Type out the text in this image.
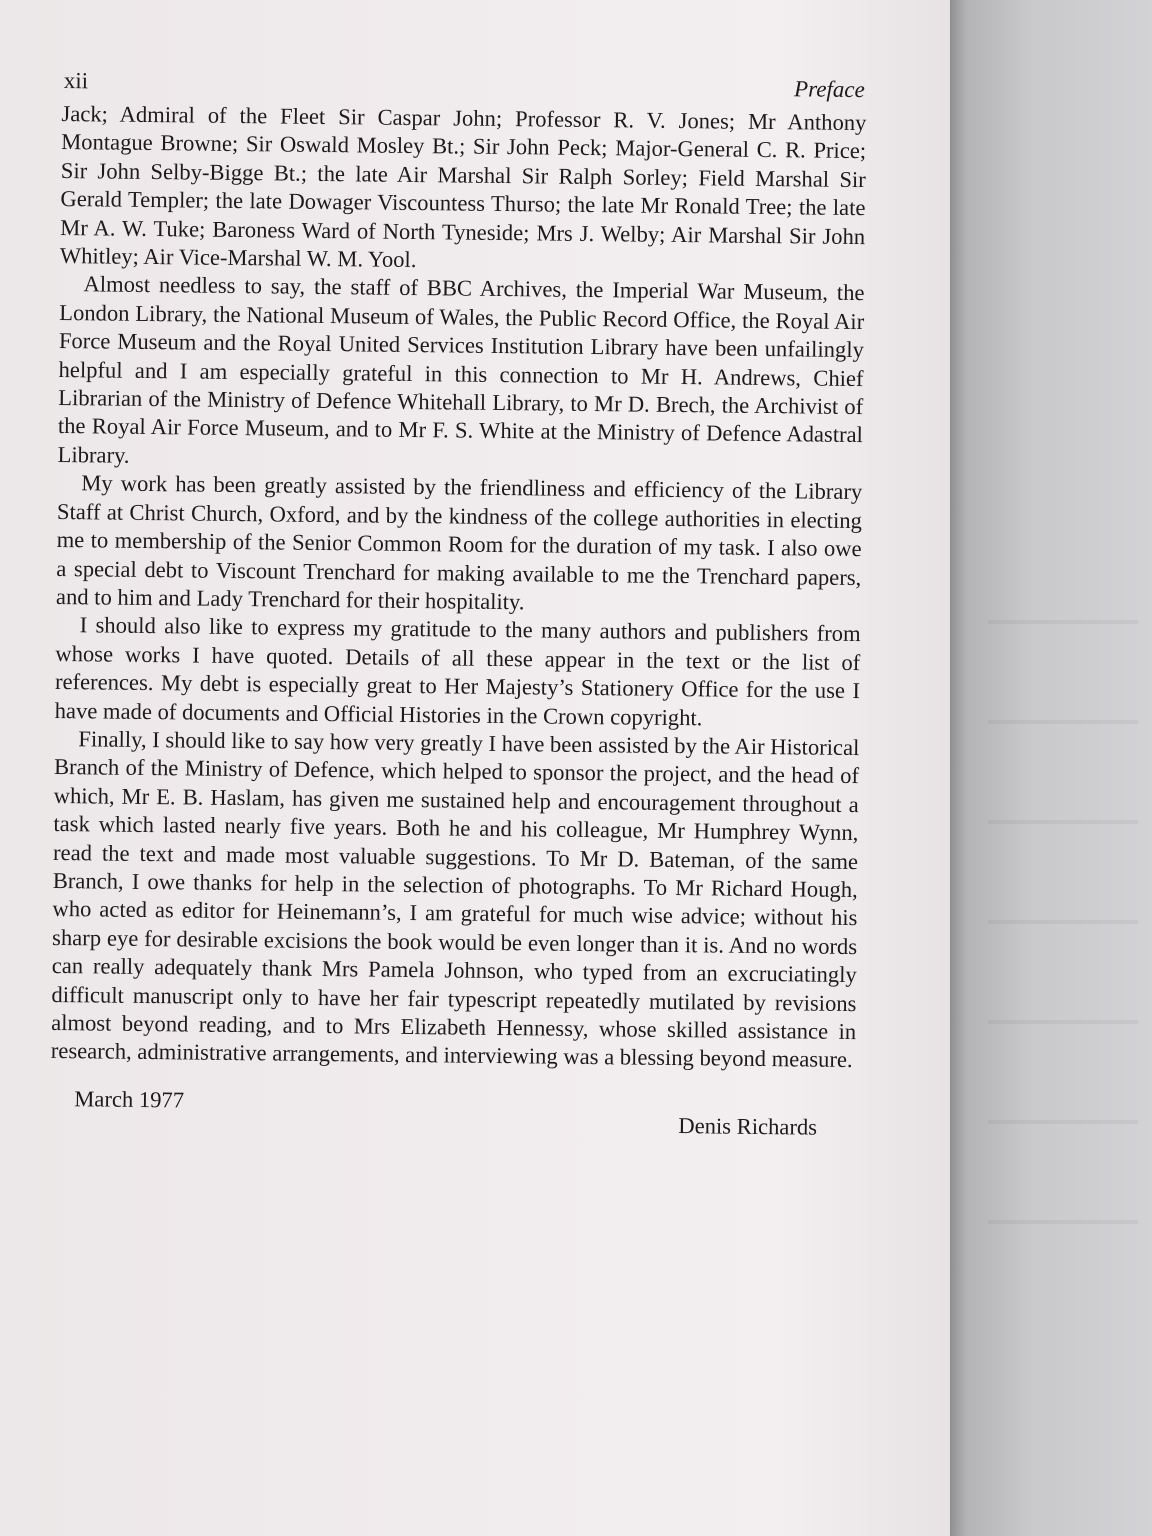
xii	Preface

Jack; Admiral of the Fleet Sir Caspar John; Professor R. V. Jones; Mr Anthony Montague Browne; Sir Oswald Mosley Bt.; Sir John Peck; Major-General C. R. Price; Sir John Selby-Bigge Bt.; the late Air Marshal Sir Ralph Sorley; Field Marshal Sir Gerald Templer; the late Dowager Viscountess Thurso; the late Mr Ronald Tree; the late Mr A. W. Tuke; Baroness Ward of North Tyneside; Mrs J. Welby; Air Marshal Sir John Whitley; Air Vice-Marshal W. M. Yool.

Almost needless to say, the staff of BBC Archives, the Imperial War Museum, the London Library, the National Museum of Wales, the Public Record Office, the Royal Air Force Museum and the Royal United Services Institution Library have been unfailingly helpful and I am especially grateful in this connection to Mr H. Andrews, Chief Librarian of the Ministry of Defence Whitehall Library, to Mr D. Brech, the Archivist of the Royal Air Force Museum, and to Mr F. S. White at the Ministry of Defence Adastral Library.

My work has been greatly assisted by the friendliness and efficiency of the Library Staff at Christ Church, Oxford, and by the kindness of the college authorities in electing me to membership of the Senior Common Room for the duration of my task. I also owe a special debt to Viscount Trenchard for making available to me the Trenchard papers, and to him and Lady Trenchard for their hospitality.

I should also like to express my gratitude to the many authors and publishers from whose works I have quoted. Details of all these appear in the text or the list of references. My debt is especially great to Her Majesty’s Stationery Office for the use I have made of documents and Official Histories in the Crown copyright.

Finally, I should like to say how very greatly I have been assisted by the Air Historical Branch of the Ministry of Defence, which helped to sponsor the project, and the head of which, Mr E. B. Haslam, has given me sustained help and encouragement throughout a task which lasted nearly five years. Both he and his colleague, Mr Humphrey Wynn, read the text and made most valuable suggestions. To Mr D. Bateman, of the same Branch, I owe thanks for help in the selection of photographs. To Mr Richard Hough, who acted as editor for Heinemann’s, I am grateful for much wise advice; without his sharp eye for desirable excisions the book would be even longer than it is. And no words can really adequately thank Mrs Pamela Johnson, who typed from an excruciatingly difficult manuscript only to have her fair typescript repeatedly mutilated by revisions almost beyond reading, and to Mrs Elizabeth Hennessy, whose skilled assistance in research, administrative arrangements, and interviewing was a blessing beyond measure.

March 1977
Denis Richards
